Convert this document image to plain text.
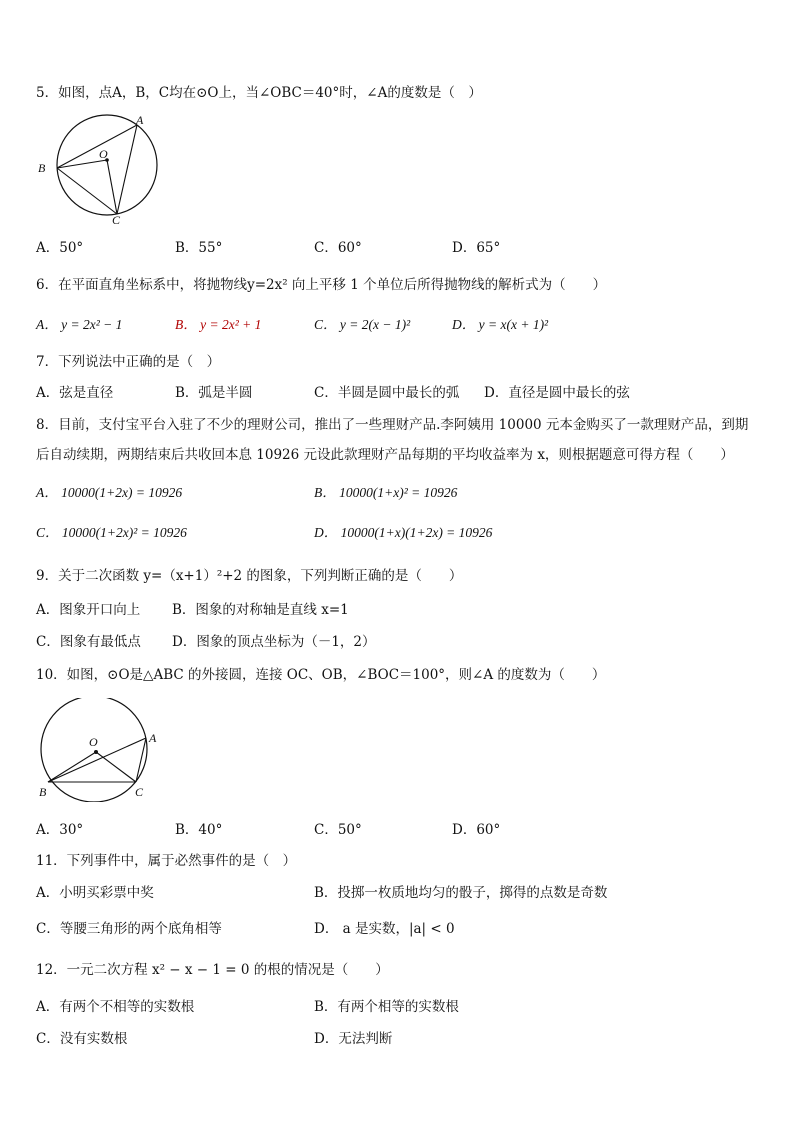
5．如图，点A，B，C均在⊙O上，当∠OBC＝40°时，∠A的度数是（　）
A
B
C
O
A．50°	B．55°	C．60°	D．65°
6．在平面直角坐标系中，将抛物线y=2x² 向上平移 1 个单位后所得抛物线的解析式为（　　）
A． y = 2x² − 1	B． y = 2x² + 1	C． y = 2(x − 1)²	D． y = x(x + 1)²
7．下列说法中正确的是（　）
A．弦是直径	B．弧是半圆	C．半圆是圆中最长的弧 D．直径是圆中最长的弦
8．目前，支付宝平台入驻了不少的理财公司，推出了一些理财产品.李阿姨用 10000 元本金购买了一款理财产品，到期
后自动续期，两期结束后共收回本息 10926 元设此款理财产品每期的平均收益率为 x，则根据题意可得方程（　　）
A． 10000(1+2x) = 10926	B． 10000(1+x)² = 10926
C． 10000(1+2x)² = 10926	D． 10000(1+x)(1+2x) = 10926
9．关于二次函数 y=（x+1）²+2 的图象，下列判断正确的是（　　）
A．图象开口向上 B．图象的对称轴是直线 x=1
C．图象有最低点 D．图象的顶点坐标为（－1，2）
10．如图，⊙O是△ABC 的外接圆，连接 OC、OB，∠BOC＝100°，则∠A 的度数为（　　）
A
B	C
O
A．30°	B．40°	C．50°	D．60°
11．下列事件中，属于必然事件的是（　）
A．小明买彩票中奖	B．投掷一枚质地均匀的骰子，掷得的点数是奇数
C．等腰三角形的两个底角相等	D． a 是实数，|a| < 0
12．一元二次方程 x² − x − 1 = 0 的根的情况是（　　）
A．有两个不相等的实数根	B．有两个相等的实数根
C．没有实数根	D．无法判断
